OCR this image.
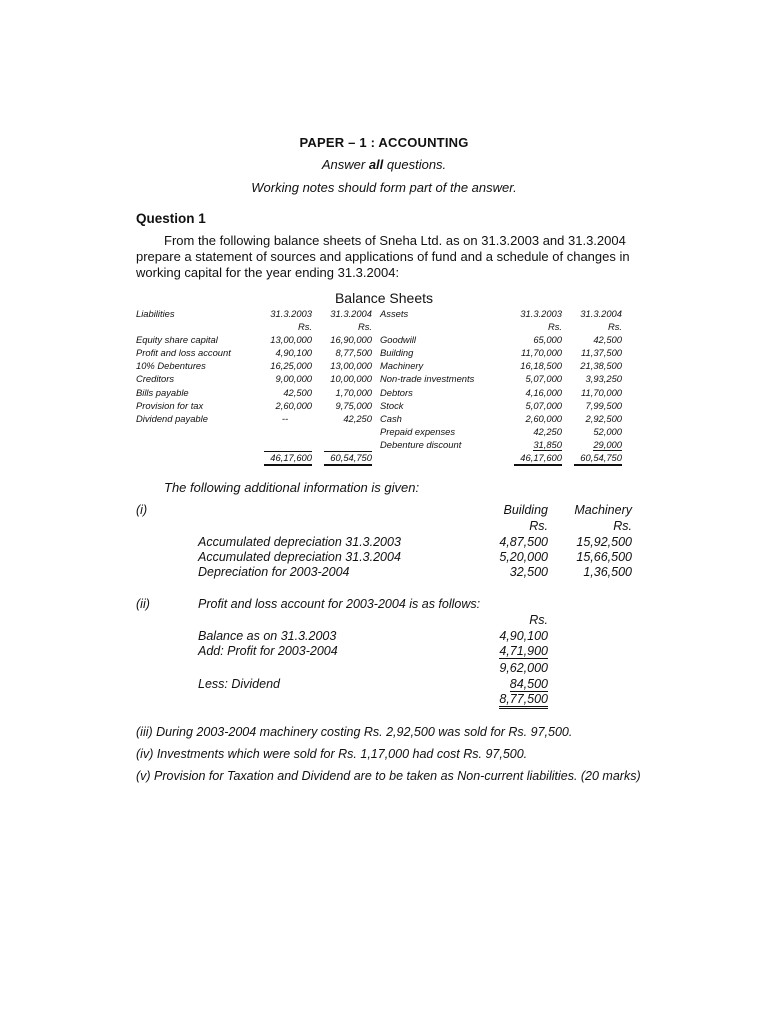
PAPER – 1 : ACCOUNTING
Answer all questions.
Working notes should form part of the answer.
Question 1

From the following balance sheets of Sneha Ltd. as on 31.3.2003 and 31.3.2004 prepare a statement of sources and applications of fund and a schedule of changes in working capital for the year ending 31.3.2004:

Balance Sheets
Liabilities	31.3.2003	31.3.2004	Assets	31.3.2003	31.3.2004
	Rs.	Rs.		Rs.	Rs.
Equity share capital	13,00,000	16,90,000	Goodwill	65,000	42,500
Profit and loss account	4,90,100	8,77,500	Building	11,70,000	11,37,500
10% Debentures	16,25,000	13,00,000	Machinery	16,18,500	21,38,500
Creditors	9,00,000	10,00,000	Non-trade investments	5,07,000	3,93,250
Bills payable	42,500	1,70,000	Debtors	4,16,000	11,70,000
Provision for tax	2,60,000	9,75,000	Stock	5,07,000	7,99,500
Dividend payable	--	42,250	Cash	2,60,000	2,92,500
			Prepaid expenses	42,250	52,000
			Debenture discount	31,850	29,000
	46,17,600	60,54,750		46,17,600	60,54,750
The following additional information is given:
(i)	Building	Machinery
Rs.	Rs.
Accumulated depreciation 31.3.2003	4,87,500	15,92,500
Accumulated depreciation 31.3.2004	5,20,000	15,66,500
Depreciation for 2003-2004	32,500	1,36,500
(ii)	Profit and loss account for 2003-2004 is as follows:
Rs.
Balance as on 31.3.2003	4,90,100
Add: Profit for 2003-2004	4,71,900
9,62,000
Less: Dividend	84,500
8,77,500
(iii) During 2003-2004 machinery costing Rs. 2,92,500 was sold for Rs. 97,500.
(iv) Investments which were sold for Rs. 1,17,000 had cost Rs. 97,500.
(v) Provision for Taxation and Dividend are to be taken as Non-current liabilities. (20 marks)
